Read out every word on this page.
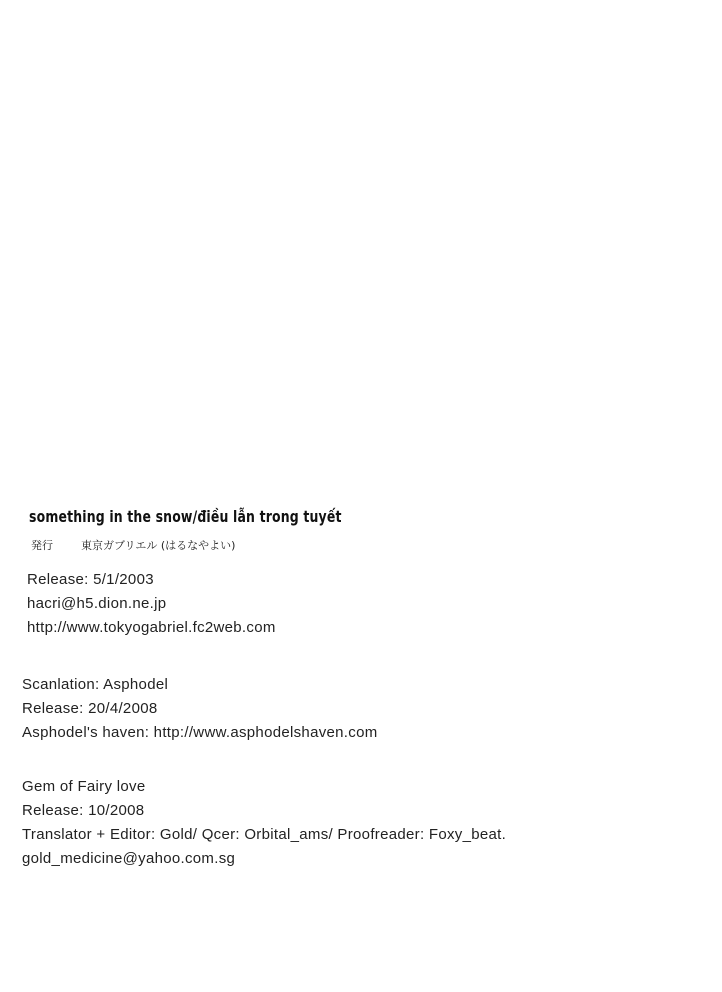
something in the snow/điều lẫn trong tuyết
発行	東京ガブリエル (はるなやよい)
Release: 5/1/2003
hacri@h5.dion.ne.jp
http://www.tokyogabriel.fc2web.com
Scanlation: Asphodel
Release: 20/4/2008
Asphodel's haven: http://www.asphodelshaven.com
Gem of Fairy love
Release: 10/2008
Translator + Editor: Gold/ Qcer: Orbital_ams/ Proofreader: Foxy_beat.
gold_medicine@yahoo.com.sg
